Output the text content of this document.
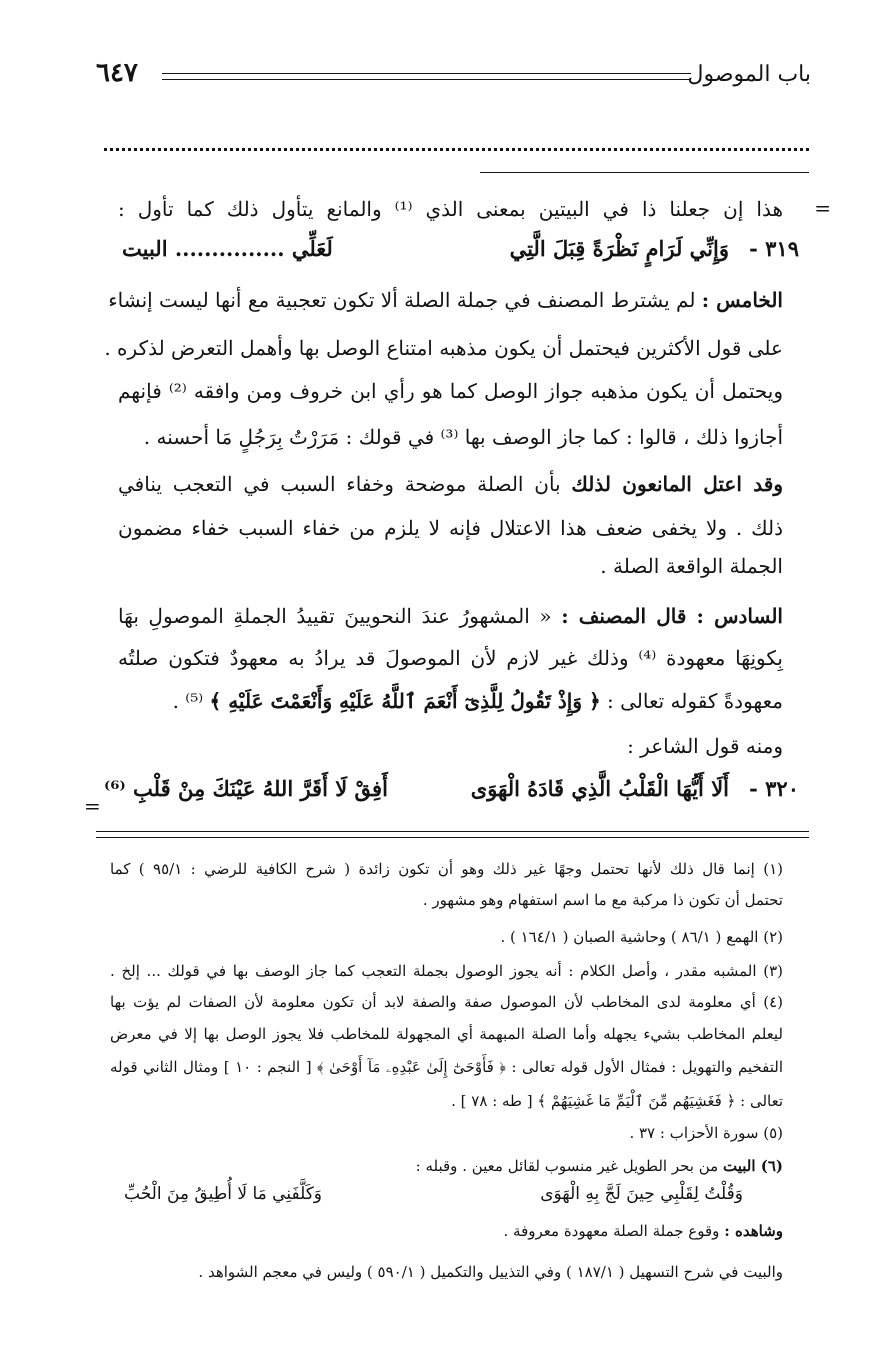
باب الموصول
٦٤٧
=
=
هذا إن جعلنا ذا في البيتين بمعنى الذي ⁽¹⁾ والمانع يتأول ذلك كما تأول :
٣١٩ -
وَإِنِّي لَرَامٍ نَظْرَةً قِبَلَ الَّتِي
لَعَلِّي ............... البيت
الخامس : لم يشترط المصنف في جملة الصلة ألا تكون تعجبية مع أنها ليست إنشاء
على قول الأكثرين فيحتمل أن يكون مذهبه امتناع الوصل بها وأهمل التعرض لذكره .
ويحتمل أن يكون مذهبه جواز الوصل كما هو رأي ابن خروف ومن وافقه ⁽²⁾ فإنهم
أجازوا ذلك ، قالوا : كما جاز الوصف بها ⁽³⁾ في قولك : مَرَرْتُ بِرَجُلٍ مَا أحسنه .
وقد اعتل المانعون لذلك بأن الصلة موضحة وخفاء السبب في التعجب ينافي
ذلك . ولا يخفى ضعف هذا الاعتلال فإنه لا يلزم من خفاء السبب خفاء مضمون
الجملة الواقعة الصلة .
السادس : قال المصنف : « المشهورُ عندَ النحويينَ تقييدُ الجملةِ الموصولِ بهَا
بِكونِهَا معهودة ⁽⁴⁾ وذلك غير لازم لأن الموصولَ قد يرادُ به معهودٌ فتكون صلتُه
معهودةً كقوله تعالى : ﴿ وَإِذْ تَقُولُ لِلَّذِىٓ أَنْعَمَ ٱللَّهُ عَلَيْهِ وَأَنْعَمْتَ عَلَيْهِ ﴾ ⁽⁵⁾ .
ومنه قول الشاعر :
٣٢٠ -
أَلَا أَيُّهَا الْقَلْبُ الَّذِي قَادَهُ الْهَوَى
أَفِقْ لَا أَقَرَّ اللهُ عَيْنَكَ مِنْ قَلْبِ ⁽⁶⁾
(١) إنما قال ذلك لأنها تحتمل وجهًا غير ذلك وهو أن تكون زائدة ( شرح الكافية للرضي : ٩٥/١ ) كما
تحتمل أن تكون ذا مركبة مع ما اسم استفهام وهو مشهور .
(٢) الهمع ( ٨٦/١ ) وحاشية الصبان ( ١٦٤/١ ) .
(٣) المشبه مقدر ، وأصل الكلام : أنه يجوز الوصول بجملة التعجب كما جاز الوصف بها في قولك ... إلخ .
(٤) أي معلومة لدى المخاطب لأن الموصول صفة والصفة لابد أن تكون معلومة لأن الصفات لم يؤت بها
ليعلم المخاطب بشيء يجهله وأما الصلة المبهمة أي المجهولة للمخاطب فلا يجوز الوصل بها إلا في معرض
التفخيم والتهويل : فمثال الأول قوله تعالى : ﴿ فَأَوْحَىٰٓ إِلَىٰ عَبْدِهِۦ مَآ أَوْحَىٰ ﴾ [ النجم : ١٠ ] ومثال الثاني قوله
تعالى : ﴿ فَغَشِيَهُم مِّنَ ٱلْيَمِّ مَا غَشِيَهُمْ ﴾ [ طه : ٧٨ ] .
(٥) سورة الأحزاب : ٣٧ .
(٦) البيت من بحر الطويل غير منسوب لقائل معين . وقبله :
وَقُلْتُ لِقَلْبِي حِينَ لَجَّ بِهِ الْهَوَى
وَكَلَّفَنِي مَا لَا أُطِيقُ مِنَ الْحُبِّ
وشاهده : وقوع جملة الصلة معهودة معروفة .
والبيت في شرح التسهيل ( ١٨٧/١ ) وفي التذييل والتكميل ( ٥٩٠/١ ) وليس في معجم الشواهد .
